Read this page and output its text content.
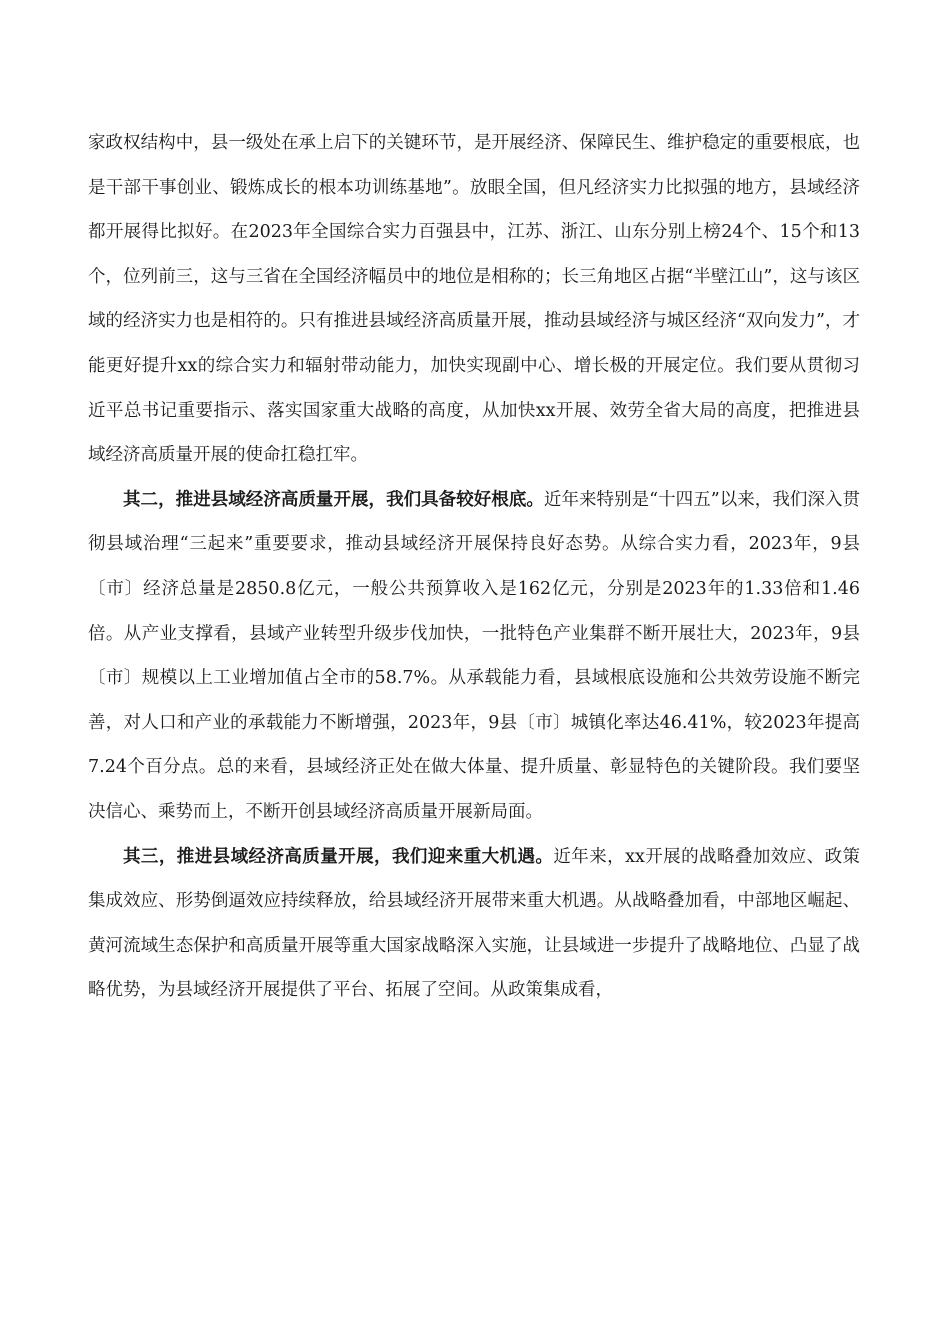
家政权结构中，县一级处在承上启下的关键环节，是开展经济、保障民生、维护稳定的重要根底，也是干部干事创业、锻炼成长的根本功训练基地”。放眼全国，但凡经济实力比拟强的地方，县域经济都开展得比拟好。在2023年全国综合实力百强县中，江苏、浙江、山东分别上榜24个、15个和13个，位列前三，这与三省在全国经济幅员中的地位是相称的；长三角地区占据“半壁江山”，这与该区域的经济实力也是相符的。只有推进县域经济高质量开展，推动县域经济与城区经济“双向发力”，才能更好提升xx的综合实力和辐射带动能力，加快实现副中心、增长极的开展定位。我们要从贯彻习近平总书记重要指示、落实国家重大战略的高度，从加快xx开展、效劳全省大局的高度，把推进县域经济高质量开展的使命扛稳扛牢。

其二，推进县域经济高质量开展，我们具备较好根底。近年来特别是“十四五”以来，我们深入贯彻县域治理“三起来”重要要求，推动县域经济开展保持良好态势。从综合实力看，2023年，9县〔市〕经济总量是2850.8亿元，一般公共预算收入是162亿元，分别是2023年的1.33倍和1.46倍。从产业支撑看，县域产业转型升级步伐加快，一批特色产业集群不断开展壮大，2023年，9县〔市〕规模以上工业增加值占全市的58.7%。从承载能力看，县域根底设施和公共效劳设施不断完善，对人口和产业的承载能力不断增强，2023年，9县〔市〕城镇化率达46.41%，较2023年提高7.24个百分点。总的来看，县域经济正处在做大体量、提升质量、彰显特色的关键阶段。我们要坚决信心、乘势而上，不断开创县域经济高质量开展新局面。

其三，推进县域经济高质量开展，我们迎来重大机遇。近年来，xx开展的战略叠加效应、政策集成效应、形势倒逼效应持续释放，给县域经济开展带来重大机遇。从战略叠加看，中部地区崛起、黄河流域生态保护和高质量开展等重大国家战略深入实施，让县域进一步提升了战略地位、凸显了战略优势，为县域经济开展提供了平台、拓展了空间。从政策集成看，
